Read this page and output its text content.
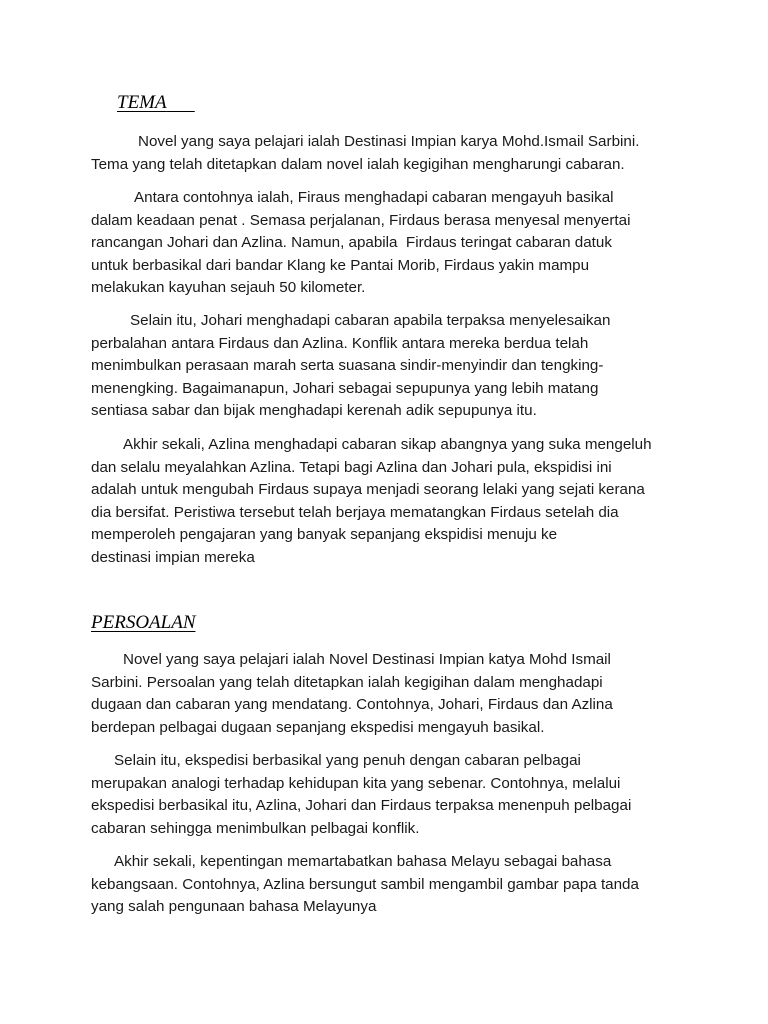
TEMA

Novel yang saya pelajari ialah Destinasi Impian karya Mohd.Ismail Sarbini.
Tema yang telah ditetapkan dalam novel ialah kegigihan mengharungi cabaran.

Antara contohnya ialah, Firaus menghadapi cabaran mengayuh basikal
dalam keadaan penat . Semasa perjalanan, Firdaus berasa menyesal menyertai
rancangan Johari dan Azlina. Namun, apabila  Firdaus teringat cabaran datuk
untuk berbasikal dari bandar Klang ke Pantai Morib, Firdaus yakin mampu
melakukan kayuhan sejauh 50 kilometer.

Selain itu, Johari menghadapi cabaran apabila terpaksa menyelesaikan
perbalahan antara Firdaus dan Azlina. Konflik antara mereka berdua telah
menimbulkan perasaan marah serta suasana sindir-menyindir dan tengking-
menengking. Bagaimanapun, Johari sebagai sepupunya yang lebih matang
sentiasa sabar dan bijak menghadapi kerenah adik sepupunya itu.

Akhir sekali, Azlina menghadapi cabaran sikap abangnya yang suka mengeluh
dan selalu meyalahkan Azlina. Tetapi bagi Azlina dan Johari pula, ekspidisi ini
adalah untuk mengubah Firdaus supaya menjadi seorang lelaki yang sejati kerana
dia bersifat. Peristiwa tersebut telah berjaya mematangkan Firdaus setelah dia
memperoleh pengajaran yang banyak sepanjang ekspidisi menuju ke
destinasi impian mereka

PERSOALAN

Novel yang saya pelajari ialah Novel Destinasi Impian katya Mohd Ismail
Sarbini. Persoalan yang telah ditetapkan ialah kegigihan dalam menghadapi
dugaan dan cabaran yang mendatang. Contohnya, Johari, Firdaus dan Azlina
berdepan pelbagai dugaan sepanjang ekspedisi mengayuh basikal.

Selain itu, ekspedisi berbasikal yang penuh dengan cabaran pelbagai
merupakan analogi terhadap kehidupan kita yang sebenar. Contohnya, melalui
ekspedisi berbasikal itu, Azlina, Johari dan Firdaus terpaksa menenpuh pelbagai
cabaran sehingga menimbulkan pelbagai konflik.

Akhir sekali, kepentingan memartabatkan bahasa Melayu sebagai bahasa
kebangsaan. Contohnya, Azlina bersungut sambil mengambil gambar papa tanda
yang salah pengunaan bahasa Melayunya
